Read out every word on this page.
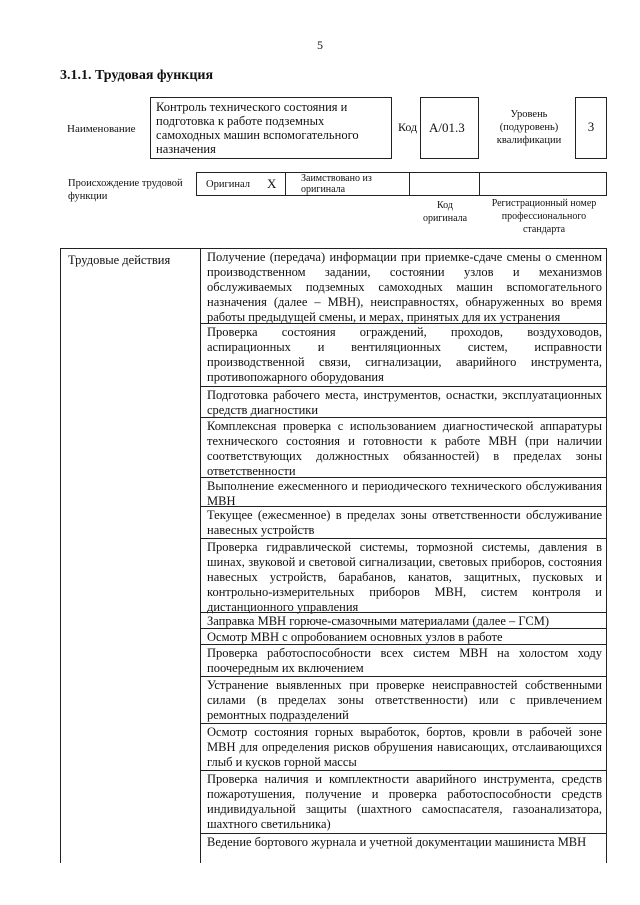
5
3.1.1. Трудовая функция
Наименование
Контроль технического состояния и подготовка к работе подземных самоходных машин вспомогательного назначения
Код А/01.3
Уровень (подуровень) квалификации
3
Происхождение трудовой функции
Оригинал X Заимствовано из оригинала
Код оригинала
Регистрационный номер профессионального стандарта
Получение (передача) информации при приемке-сдаче смены о сменном производственном задании, состоянии узлов и механизмов обслуживаемых подземных самоходных машин вспомогательного назначения (далее – МВН), неисправностях, обнаруженных во время работы предыдущей смены, и мерах, принятых для их устранения
Проверка состояния ограждений, проходов, воздуховодов, аспирационных и вентиляционных систем, исправности производственной связи, сигнализации, аварийного инструмента, противопожарного оборудования
Подготовка рабочего места, инструментов, оснастки, эксплуатационных средств диагностики
Комплексная проверка с использованием диагностической аппаратуры технического состояния и готовности к работе МВН (при наличии соответствующих должностных обязанностей) в пределах зоны ответственности
Выполнение ежесменного и периодического технического обслуживания МВН
Текущее (ежесменное) в пределах зоны ответственности обслуживание навесных устройств
Проверка гидравлической системы, тормозной системы, давления в шинах, звуковой и световой сигнализации, световых приборов, состояния навесных устройств, барабанов, канатов, защитных, пусковых и контрольно-измерительных приборов МВН, систем контроля и дистанционного управления
Заправка МВН горюче-смазочными материалами (далее – ГСМ)
Осмотр МВН с опробованием основных узлов в работе
Проверка работоспособности всех систем МВН на холостом ходу поочередным их включением
Устранение выявленных при проверке неисправностей собственными силами (в пределах зоны ответственности) или с привлечением ремонтных подразделений
Осмотр состояния горных выработок, бортов, кровли в рабочей зоне МВН для определения рисков обрушения нависающих, отслаивающихся глыб и кусков горной массы
Проверка наличия и комплектности аварийного инструмента, средств пожаротушения, получение и проверка работоспособности средств индивидуальной защиты (шахтного самоспасателя, газоанализатора, шахтного светильника)
Ведение бортового журнала и учетной документации машиниста МВН
Трудовые действия
